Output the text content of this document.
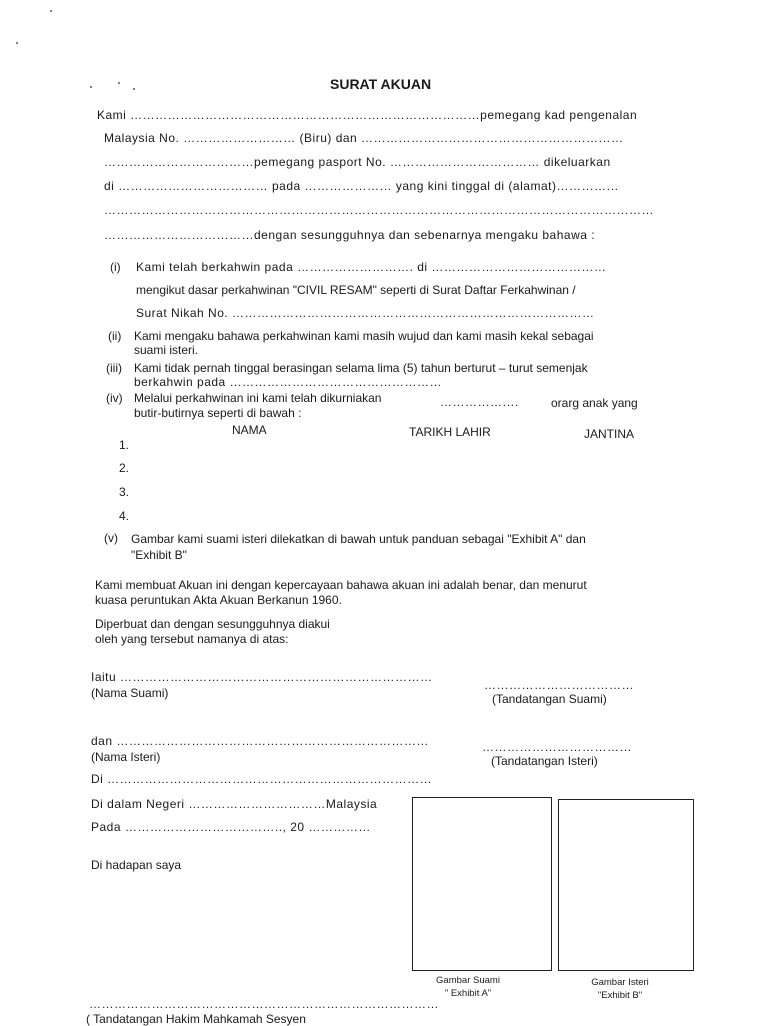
SURAT AKUAN
Kami …………………………………………………………………………pemegang kad pengenalan
Malaysia No. ……………………… (Biru) dan ………………………………………………………
………………………………pemegang pasport No. ……………………………… dikeluarkan
di ……………………………… pada ………………… yang kini tinggal di (alamat)……………
……………………………………………………………………………………………………………………
………………………………dengan sesungguhnya dan sebenarnya mengaku bahawa :
(i) Kami telah berkahwin pada ………………………. di ……………………………………
mengikut dasar perkahwinan "CIVIL RESAM" seperti di Surat Daftar Ferkahwinan /
Surat Nikah No. ……………………………………………………………………………
(ii) Kami mengaku bahawa perkahwinan kami masih wujud dan kami masih kekal sebagai
suami isteri.
(iii) Kami tidak pernah tinggal berasingan selama lima (5) tahun berturut – turut semenjak
berkahwin pada ……………………………………………
(iv) Melalui perkahwinan ini kami telah dikurniakan	……………….	orarg anak yang
butir-butirnya seperti di bawah :
NAMA	TARIKH LAHIR	JANTINA
1.
2.
3.
4.
(v) Gambar kami suami isteri dilekatkan di bawah untuk panduan sebagai "Exhibit A" dan
"Exhibit B"
Kami membuat Akuan ini dengan kepercayaan bahawa akuan ini adalah benar, dan menurut
kuasa peruntukan Akta Akuan Berkanun 1960.
Diperbuat dan dengan sesungguhnya diakui
oleh yang tersebut namanya di atas:
Iaitu …………………………………………………………………
(Nama Suami)
………………………………
(Tandatangan Suami)
dan …………………………………………………………………
(Nama Isteri)
………………………………
(Tandatangan Isteri)
Di ……………………………………………………………………
Di dalam Negeri ……………………………Malaysia
Pada ……………………………….., 20 ……………
Di hadapan saya
…………………………………………………………………………
( Tandatangan Hakim Mahkamah Sesyen
Gambar Suami
" Exhibit A"
Gambar Isteri
"Exhibit B"
